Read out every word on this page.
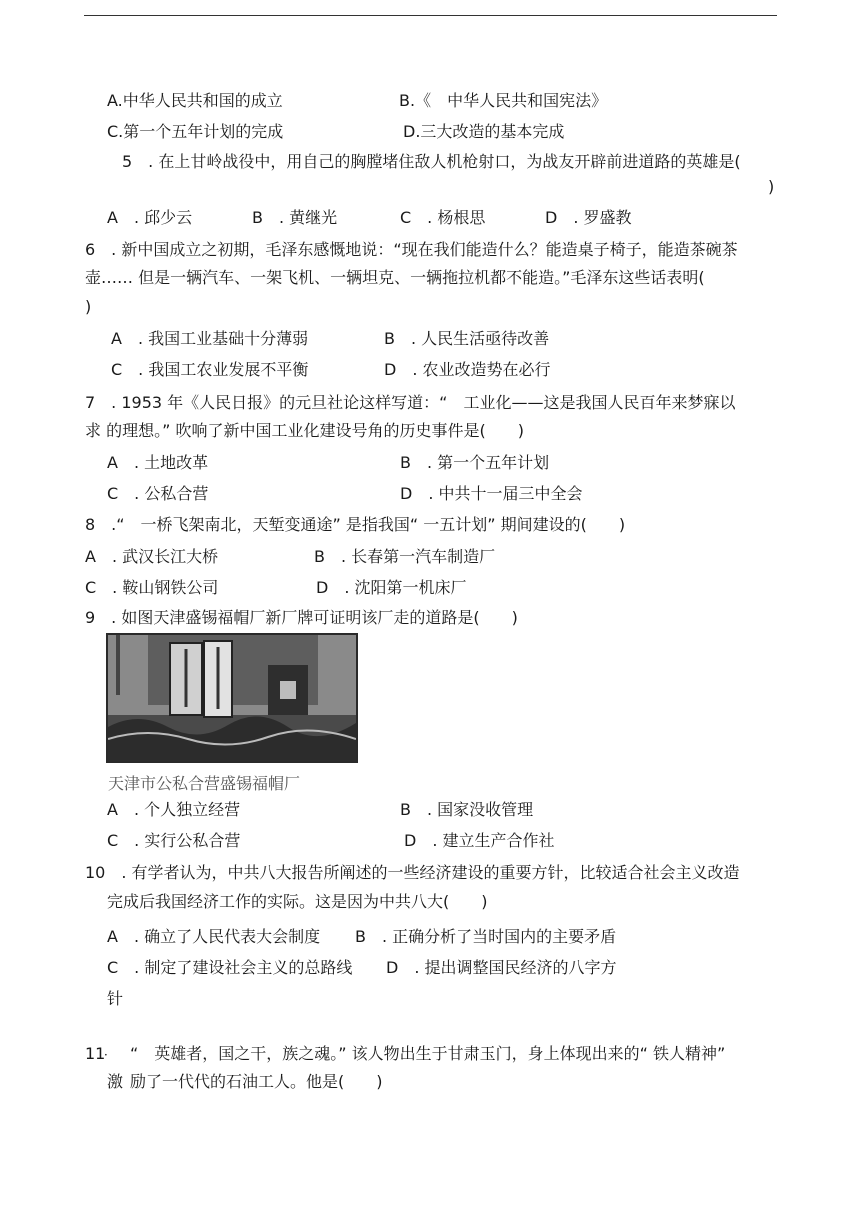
A.中华人民共和国的成立	B.《　中华人民共和国宪法》
C.第一个五年计划的完成	D.三大改造的基本完成
5　. 在上甘岭战役中，用自己的胸膛堵住敌人机枪射口，为战友开辟前进道路的英雄是(
)
A　. 邱少云	B　. 黄继光	C　. 杨根思	D　. 罗盛教
6　. 新中国成立之初期，毛泽东感慨地说：“现在我们能造什么？能造桌子椅子，能造茶碗茶
壶…… 但是一辆汽车、一架飞机、一辆坦克、一辆拖拉机都不能造。”毛泽东这些话表明(
)
A　. 我国工业基础十分薄弱	B　. 人民生活亟待改善
C　. 我国工农业发展不平衡	D　. 农业改造势在必行
7　. 1953 年《人民日报》的元旦社论这样写道：“　工业化——这是我国人民百年来梦寐以
求 的理想。” 吹响了新中国工业化建设号角的历史事件是(　　)
A　. 土地改革	B　. 第一个五年计划
C　. 公私合营	D　. 中共十一届三中全会
8　.“　一桥飞架南北，天堑变通途” 是指我国“ 一五计划” 期间建设的(　　)
A　. 武汉长江大桥	B　. 长春第一汽车制造厂
C　. 鞍山钢铁公司	D　. 沈阳第一机床厂
9　. 如图天津盛锡福帽厂新厂牌可证明该厂走的道路是(　　)
天津市公私合营盛锡福帽厂
A　. 个人独立经营	B　. 国家没收管理
C　. 实行公私合营	D　. 建立生产合作社
10　. 有学者认为，中共八大报告所阐述的一些经济建设的重要方针，比较适合社会主义改造
完成后我国经济工作的实际。这是因为中共八大(　　)
A　. 确立了人民代表大会制度 B　. 正确分析了当时国内的主要矛盾
C　. 制定了建设社会主义的总路线 D　. 提出调整国民经济的八字方
针
11
． “　英雄者，国之干，族之魂。” 该人物出生于甘肃玉门，身上体现出来的“ 铁人精神”
激 励了一代代的石油工人。他是(　　)
